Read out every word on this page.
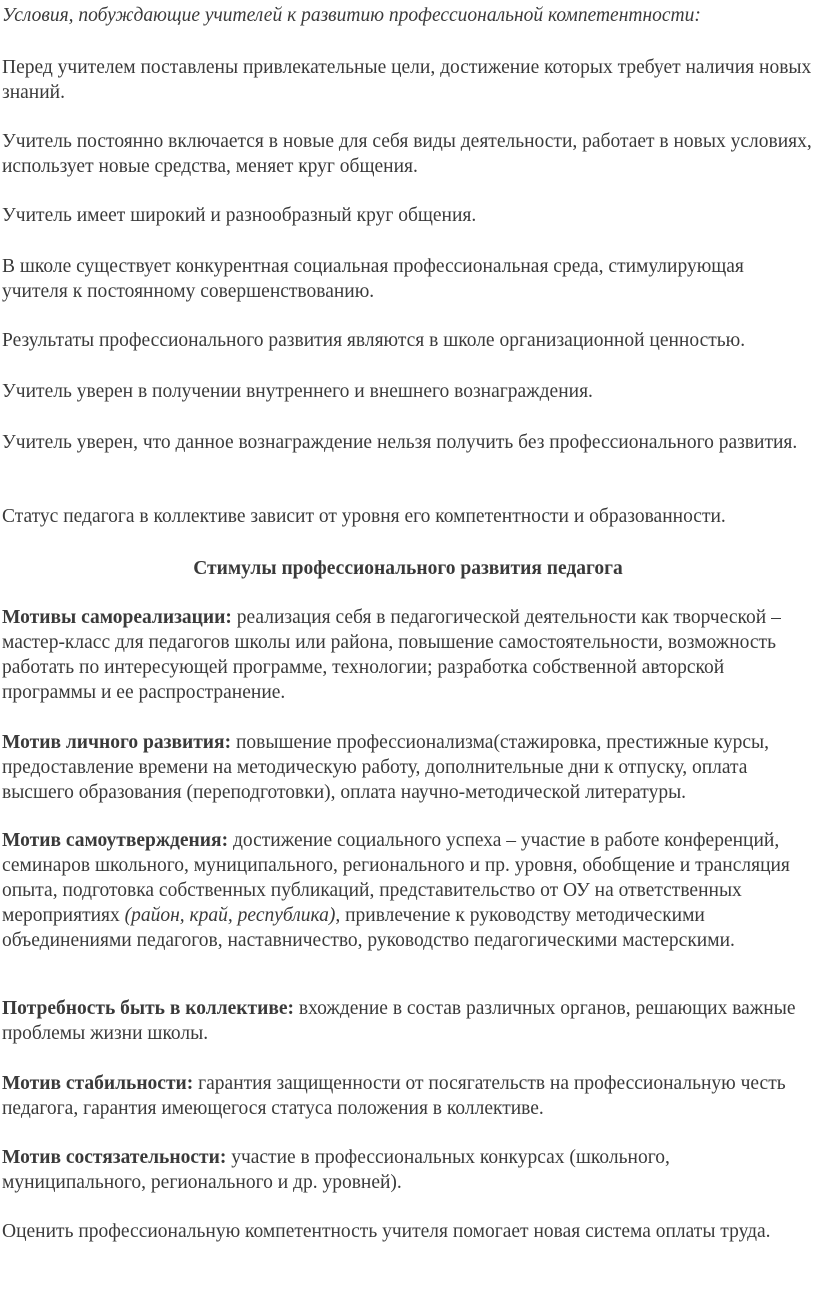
Условия, побуждающие учителей к развитию профессиональной компетентности:

Перед учителем поставлены привлекательные цели, достижение которых требует наличия новых знаний.

Учитель постоянно включается в новые для себя виды деятельности, работает в новых условиях, использует новые средства, меняет круг общения.

Учитель имеет широкий и разнообразный круг общения.

В школе существует конкурентная социальная профессиональная среда, стимулирующая учителя к постоянному совершенствованию.

Результаты профессионального развития являются в школе организационной ценностью.

Учитель уверен в получении внутреннего и внешнего вознаграждения.

Учитель уверен, что данное вознаграждение нельзя получить без профессионального развития.

Статус педагога в коллективе зависит от уровня его компетентности и образованности.

Стимулы профессионального развития педагога

Мотивы самореализации: реализация себя в педагогической деятельности как творческой – мастер-класс для педагогов школы или района, повышение самостоятельности, возможность работать по интересующей программе, технологии; разработка собственной авторской программы и ее распространение.

Мотив личного развития: повышение профессионализма(стажировка, престижные курсы, предоставление времени на методическую работу, дополнительные дни к отпуску, оплата высшего образования (переподготовки), оплата научно-методической литературы.

Мотив самоутверждения: достижение социального успеха – участие в работе конференций, семинаров школьного, муниципального, регионального и пр. уровня, обобщение и трансляция опыта, подготовка собственных публикаций, представительство от ОУ на ответственных мероприятиях (район, край, республика), привлечение к руководству методическими объединениями педагогов, наставничество, руководство педагогическими мастерскими.

Потребность быть в коллективе: вхождение в состав различных органов, решающих важные проблемы жизни школы.

Мотив стабильности: гарантия защищенности от посягательств на профессиональную честь педагога, гарантия имеющегося статуса положения в коллективе.

Мотив состязательности: участие в профессиональных конкурсах (школьного, муниципального, регионального и др. уровней).

Оценить профессиональную компетентность учителя помогает новая система оплаты труда.
